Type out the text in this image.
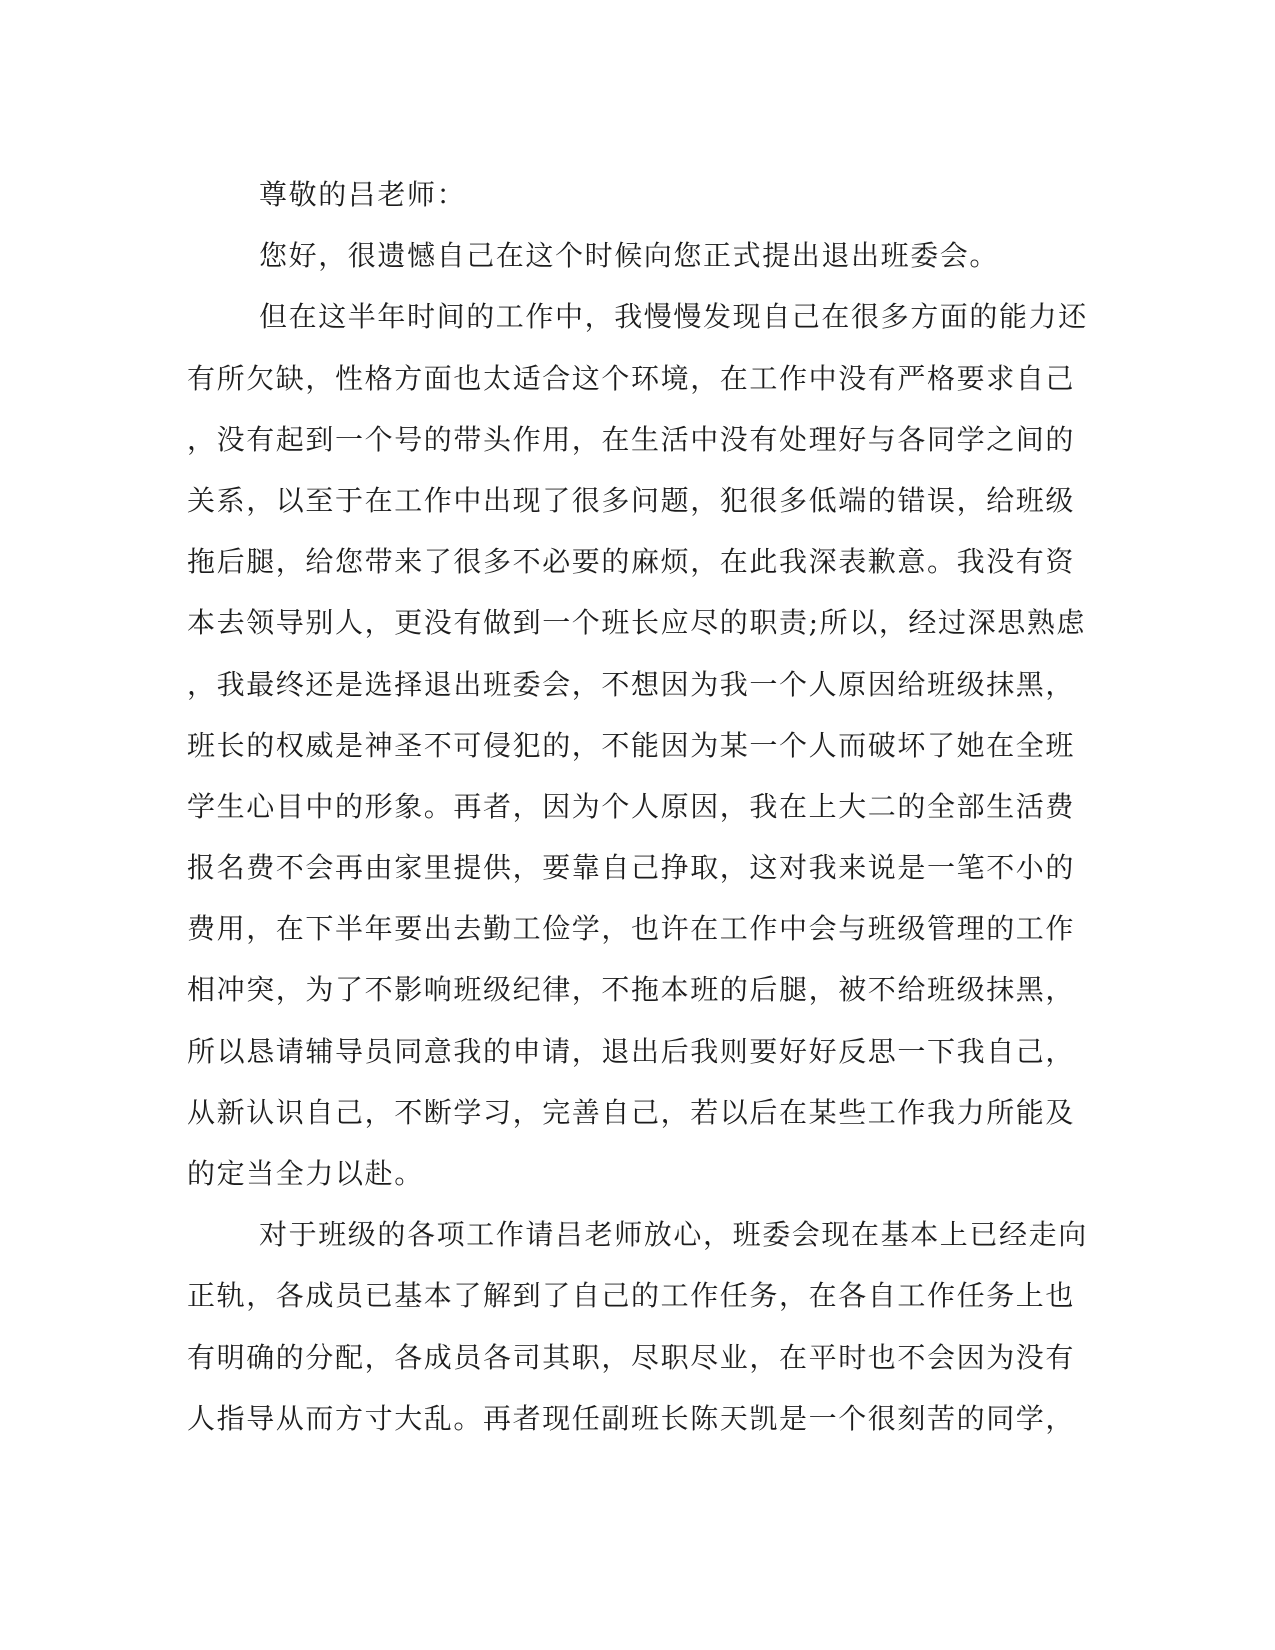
尊敬的吕老师：
您好，很遗憾自己在这个时候向您正式提出退出班委会。
但在这半年时间的工作中，我慢慢发现自己在很多方面的能力还
有所欠缺，性格方面也太适合这个环境，在工作中没有严格要求自己
，没有起到一个号的带头作用，在生活中没有处理好与各同学之间的
关系，以至于在工作中出现了很多问题，犯很多低端的错误，给班级
拖后腿，给您带来了很多不必要的麻烦，在此我深表歉意。我没有资
本去领导别人，更没有做到一个班长应尽的职责;所以，经过深思熟虑
，我最终还是选择退出班委会，不想因为我一个人原因给班级抹黑，
班长的权威是神圣不可侵犯的，不能因为某一个人而破坏了她在全班
学生心目中的形象。再者，因为个人原因，我在上大二的全部生活费
报名费不会再由家里提供，要靠自己挣取，这对我来说是一笔不小的
费用，在下半年要出去勤工俭学，也许在工作中会与班级管理的工作
相冲突，为了不影响班级纪律，不拖本班的后腿，被不给班级抹黑，
所以恳请辅导员同意我的申请，退出后我则要好好反思一下我自己，
从新认识自己，不断学习，完善自己，若以后在某些工作我力所能及
的定当全力以赴。
对于班级的各项工作请吕老师放心，班委会现在基本上已经走向
正轨，各成员已基本了解到了自己的工作任务，在各自工作任务上也
有明确的分配，各成员各司其职，尽职尽业，在平时也不会因为没有
人指导从而方寸大乱。再者现任副班长陈天凯是一个很刻苦的同学，
